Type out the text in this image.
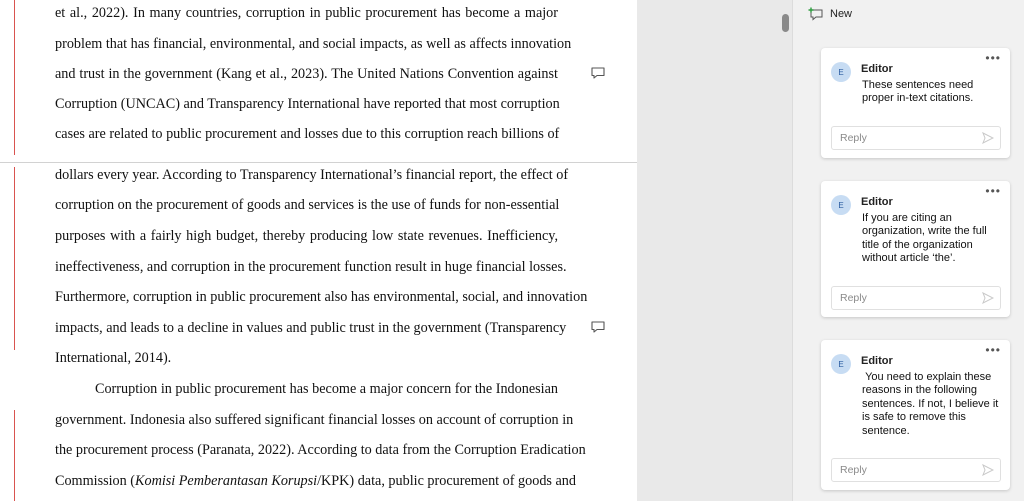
et al., 2022). In many countries, corruption in public procurement has become a major
problem that has financial, environmental, and social impacts, as well as affects innovation
and trust in the government (Kang et al., 2023). The United Nations Convention against
Corruption (UNCAC) and Transparency International have reported that most corruption
cases are related to public procurement and losses due to this corruption reach billions of
dollars every year. According to Transparency International’s financial report, the effect of
corruption on the procurement of goods and services is the use of funds for non-essential
purposes with a fairly high budget, thereby producing low state revenues. Inefficiency,
ineffectiveness, and corruption in the procurement function result in huge financial losses.
Furthermore, corruption in public procurement also has environmental, social, and innovation
impacts, and leads to a decline in values and public trust in the government (Transparency
International, 2014).
Corruption in public procurement has become a major concern for the Indonesian
government. Indonesia also suffered significant financial losses on account of corruption in
the procurement process (Paranata, 2022). According to data from the Corruption Eradication
Commission (Komisi Pemberantasan Korupsi/KPK) data, public procurement of goods and
New
•••
E	Editor
These sentences need proper in-text citations.
Reply
•••
E	Editor
If you are citing an organization, write the full title of the organization without article ‘the’.
Reply
•••
E	Editor
You need to explain these reasons in the following sentences. If not, I believe it is safe to remove this sentence.
Reply
